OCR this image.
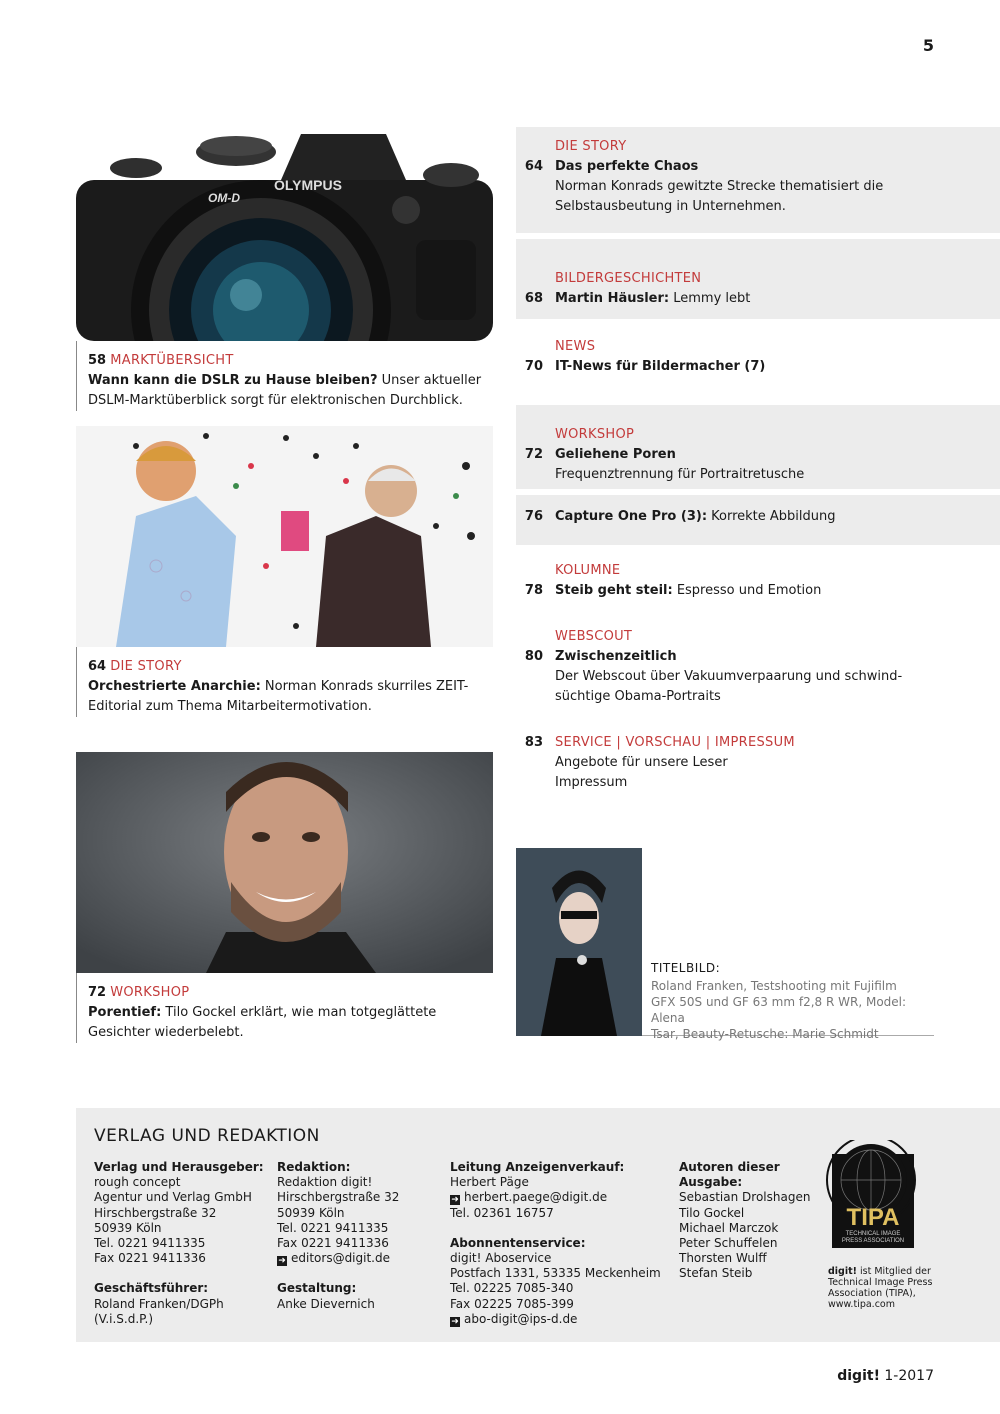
5
OLYMPUS
OM-D
58 MARKTÜBERSICHT
Wann kann die DSLR zu Hause bleiben? Unser aktueller DSLM-Marktüberblick sorgt für elektronischen Durchblick.
64 DIE STORY
Orchestrierte Anarchie: Norman Konrads skurriles ZEIT-Editorial zum Thema Mitarbeitermotivation.
72 WORKSHOP
Porentief: Tilo Gockel erklärt, wie man totgeglättete Gesichter wiederbelebt.
DIE STORY
64 Das perfekte Chaos
Norman Konrads gewitzte Strecke thematisiert die Selbstausbeutung in Unternehmen.
BILDERGESCHICHTEN
68 Martin Häusler: Lemmy lebt
NEWS
70 IT-News für Bildermacher (7)
WORKSHOP
72 Geliehene Poren
Frequenztrennung für Portraitretusche
76 Capture One Pro (3): Korrekte Abbildung
KOLUMNE
78 Steib geht steil: Espresso und Emotion
WEBSCOUT
80 Zwischenzeitlich
Der Webscout über Vakuumverpaarung und schwind-
süchtige Obama-Portraits
83 SERVICE | VORSCHAU | IMPRESSUM
Angebote für unsere Leser
Impressum
TITELBILD:
Roland Franken, Testshooting mit Fujifilm
GFX 50S und GF 63 mm f2,8 R WR, Model: Alena
Tsar, Beauty-Retusche: Marie Schmidt
VERLAG UND REDAKTION
Verlag und Herausgeber:
rough concept
Agentur und Verlag GmbH
Hirschbergstraße 32
50939 Köln
Tel. 0221 9411335
Fax 0221 9411336
Geschäftsführer:
Roland Franken/DGPh
(V.i.S.d.P.)
Redaktion:
Redaktion digit!
Hirschbergstraße 32
50939 Köln
Tel. 0221 9411335
Fax 0221 9411336
➜ editors@digit.de
Gestaltung:
Anke Dievernich
Leitung Anzeigenverkauf:
Herbert Päge
➜ herbert.paege@digit.de
Tel. 02361 16757
Abonnentenservice:
digit! Aboservice
Postfach 1331, 53335 Meckenheim
Tel. 02225 7085-340
Fax 02225 7085-399
➜ abo-digit@ips-d.de
Autoren dieser
Ausgabe:
Sebastian Drolshagen
Tilo Gockel
Michael Marczok
Peter Schuffelen
Thorsten Wulff
Stefan Steib
TIPA
TECHNICAL IMAGE
PRESS ASSOCIATION
digit! ist Mitglied der Technical Image Press Association (TIPA), www.tipa.com
digit! 1-2017
